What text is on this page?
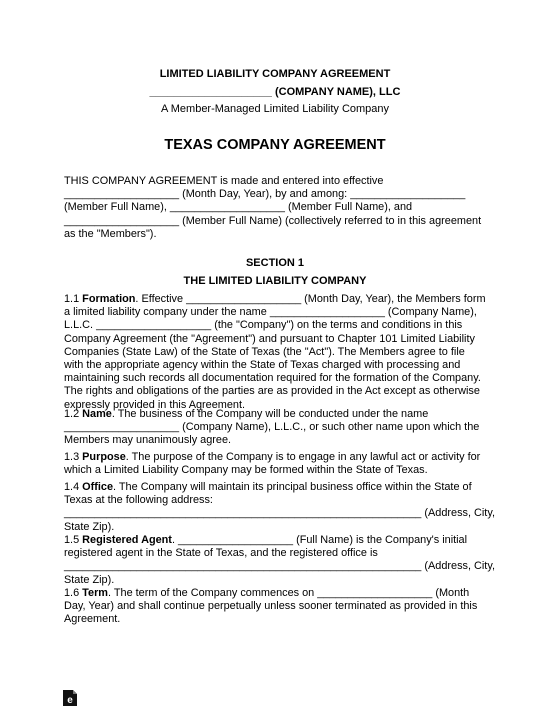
LIMITED LIABILITY COMPANY AGREEMENT
____________________ (COMPANY NAME), LLC
A Member-Managed Limited Liability Company
TEXAS COMPANY AGREEMENT
THIS COMPANY AGREEMENT is made and entered into effective
___________________ (Month Day, Year), by and among: ___________________
(Member Full Name), ___________________ (Member Full Name), and
___________________ (Member Full Name) (collectively referred to in this agreement
as the "Members").
SECTION 1
THE LIMITED LIABILITY COMPANY
1.1 Formation. Effective ___________________ (Month Day, Year), the Members form
a limited liability company under the name ___________________ (Company Name),
L.L.C. ___________________ (the "Company") on the terms and conditions in this
Company Agreement (the "Agreement") and pursuant to Chapter 101 Limited Liability
Companies (State Law) of the State of Texas (the "Act"). The Members agree to file
with the appropriate agency within the State of Texas charged with processing and
maintaining such records all documentation required for the formation of the Company.
The rights and obligations of the parties are as provided in the Act except as otherwise
expressly provided in this Agreement.
1.2 Name. The business of the Company will be conducted under the name
___________________ (Company Name), L.L.C., or such other name upon which the
Members may unanimously agree.
1.3 Purpose. The purpose of the Company is to engage in any lawful act or activity for
which a Limited Liability Company may be formed within the State of Texas.
1.4 Office. The Company will maintain its principal business office within the State of
Texas at the following address:
___________________________________________________________ (Address, City,
State Zip).
1.5 Registered Agent. ___________________ (Full Name) is the Company's initial
registered agent in the State of Texas, and the registered office is
___________________________________________________________ (Address, City,
State Zip).
1.6 Term. The term of the Company commences on ___________________ (Month
Day, Year) and shall continue perpetually unless sooner terminated as provided in this
Agreement.
e
